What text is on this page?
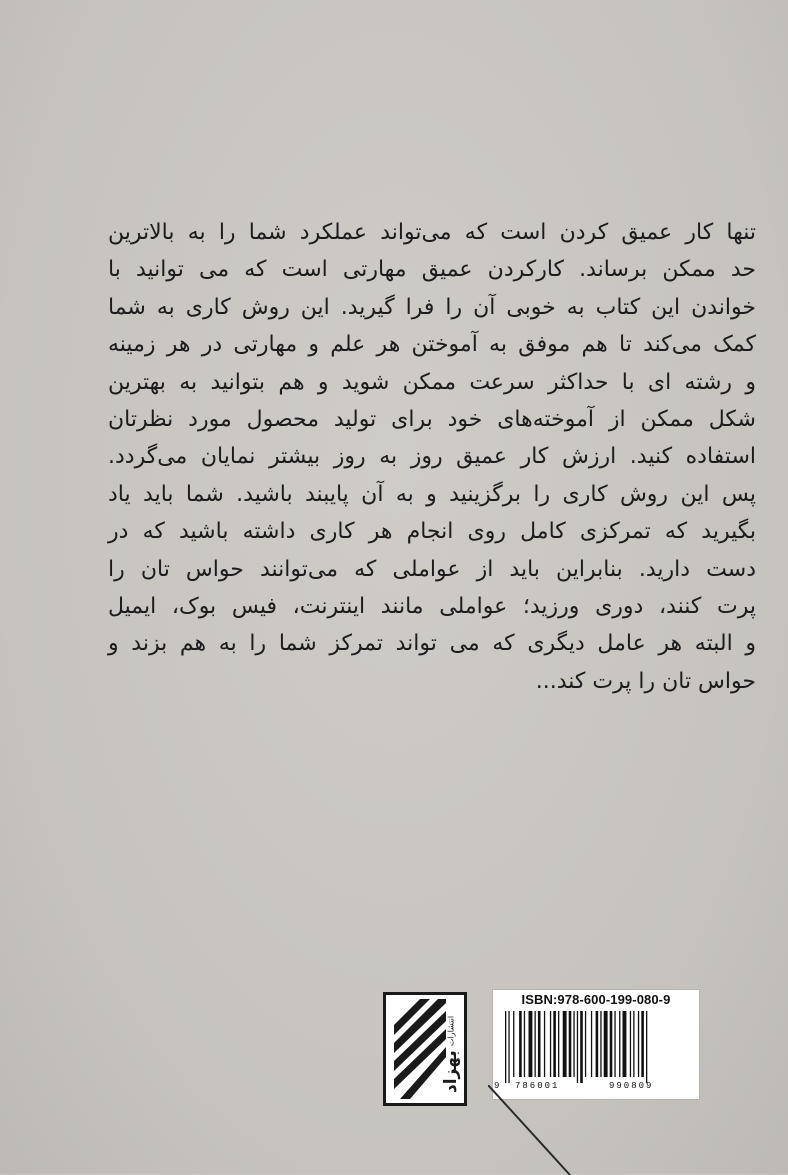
تنها کار عمیق کردن است که می‌تواند عملکرد شما را به بالاترین
حد ممکن برساند. کارکردن عمیق مهارتی است که می توانید با
خواندن این کتاب به خوبی آن را فرا گیرید. این روش کاری به شما
کمک می‌کند تا هم موفق به آموختن هر علم و مهارتی در هر زمینه
و رشته ای با حداکثر سرعت ممکن شوید و هم بتوانید به بهترین
شکل ممکن از آموخته‌های خود برای تولید محصول مورد نظرتان
استفاده کنید. ارزش کار عمیق روز به روز بیشتر نمایان می‌گردد.
پس این روش کاری را برگزینید و به آن پایبند باشید. شما باید یاد
بگیرید که تمرکزی کامل روی انجام هر کاری داشته باشید که در
دست دارید. بنابراین باید از عواملی که می‌توانند حواس تان را
پرت کنند، دوری ورزید؛ عواملی مانند اینترنت، فیس بوک، ایمیل
و البته هر عامل دیگری که می تواند تمرکز شما را به هم بزند و
حواس تان را پرت کند...
بهزاد
انتشارات
ISBN:978-600-199-080-9
9 786001	990809
